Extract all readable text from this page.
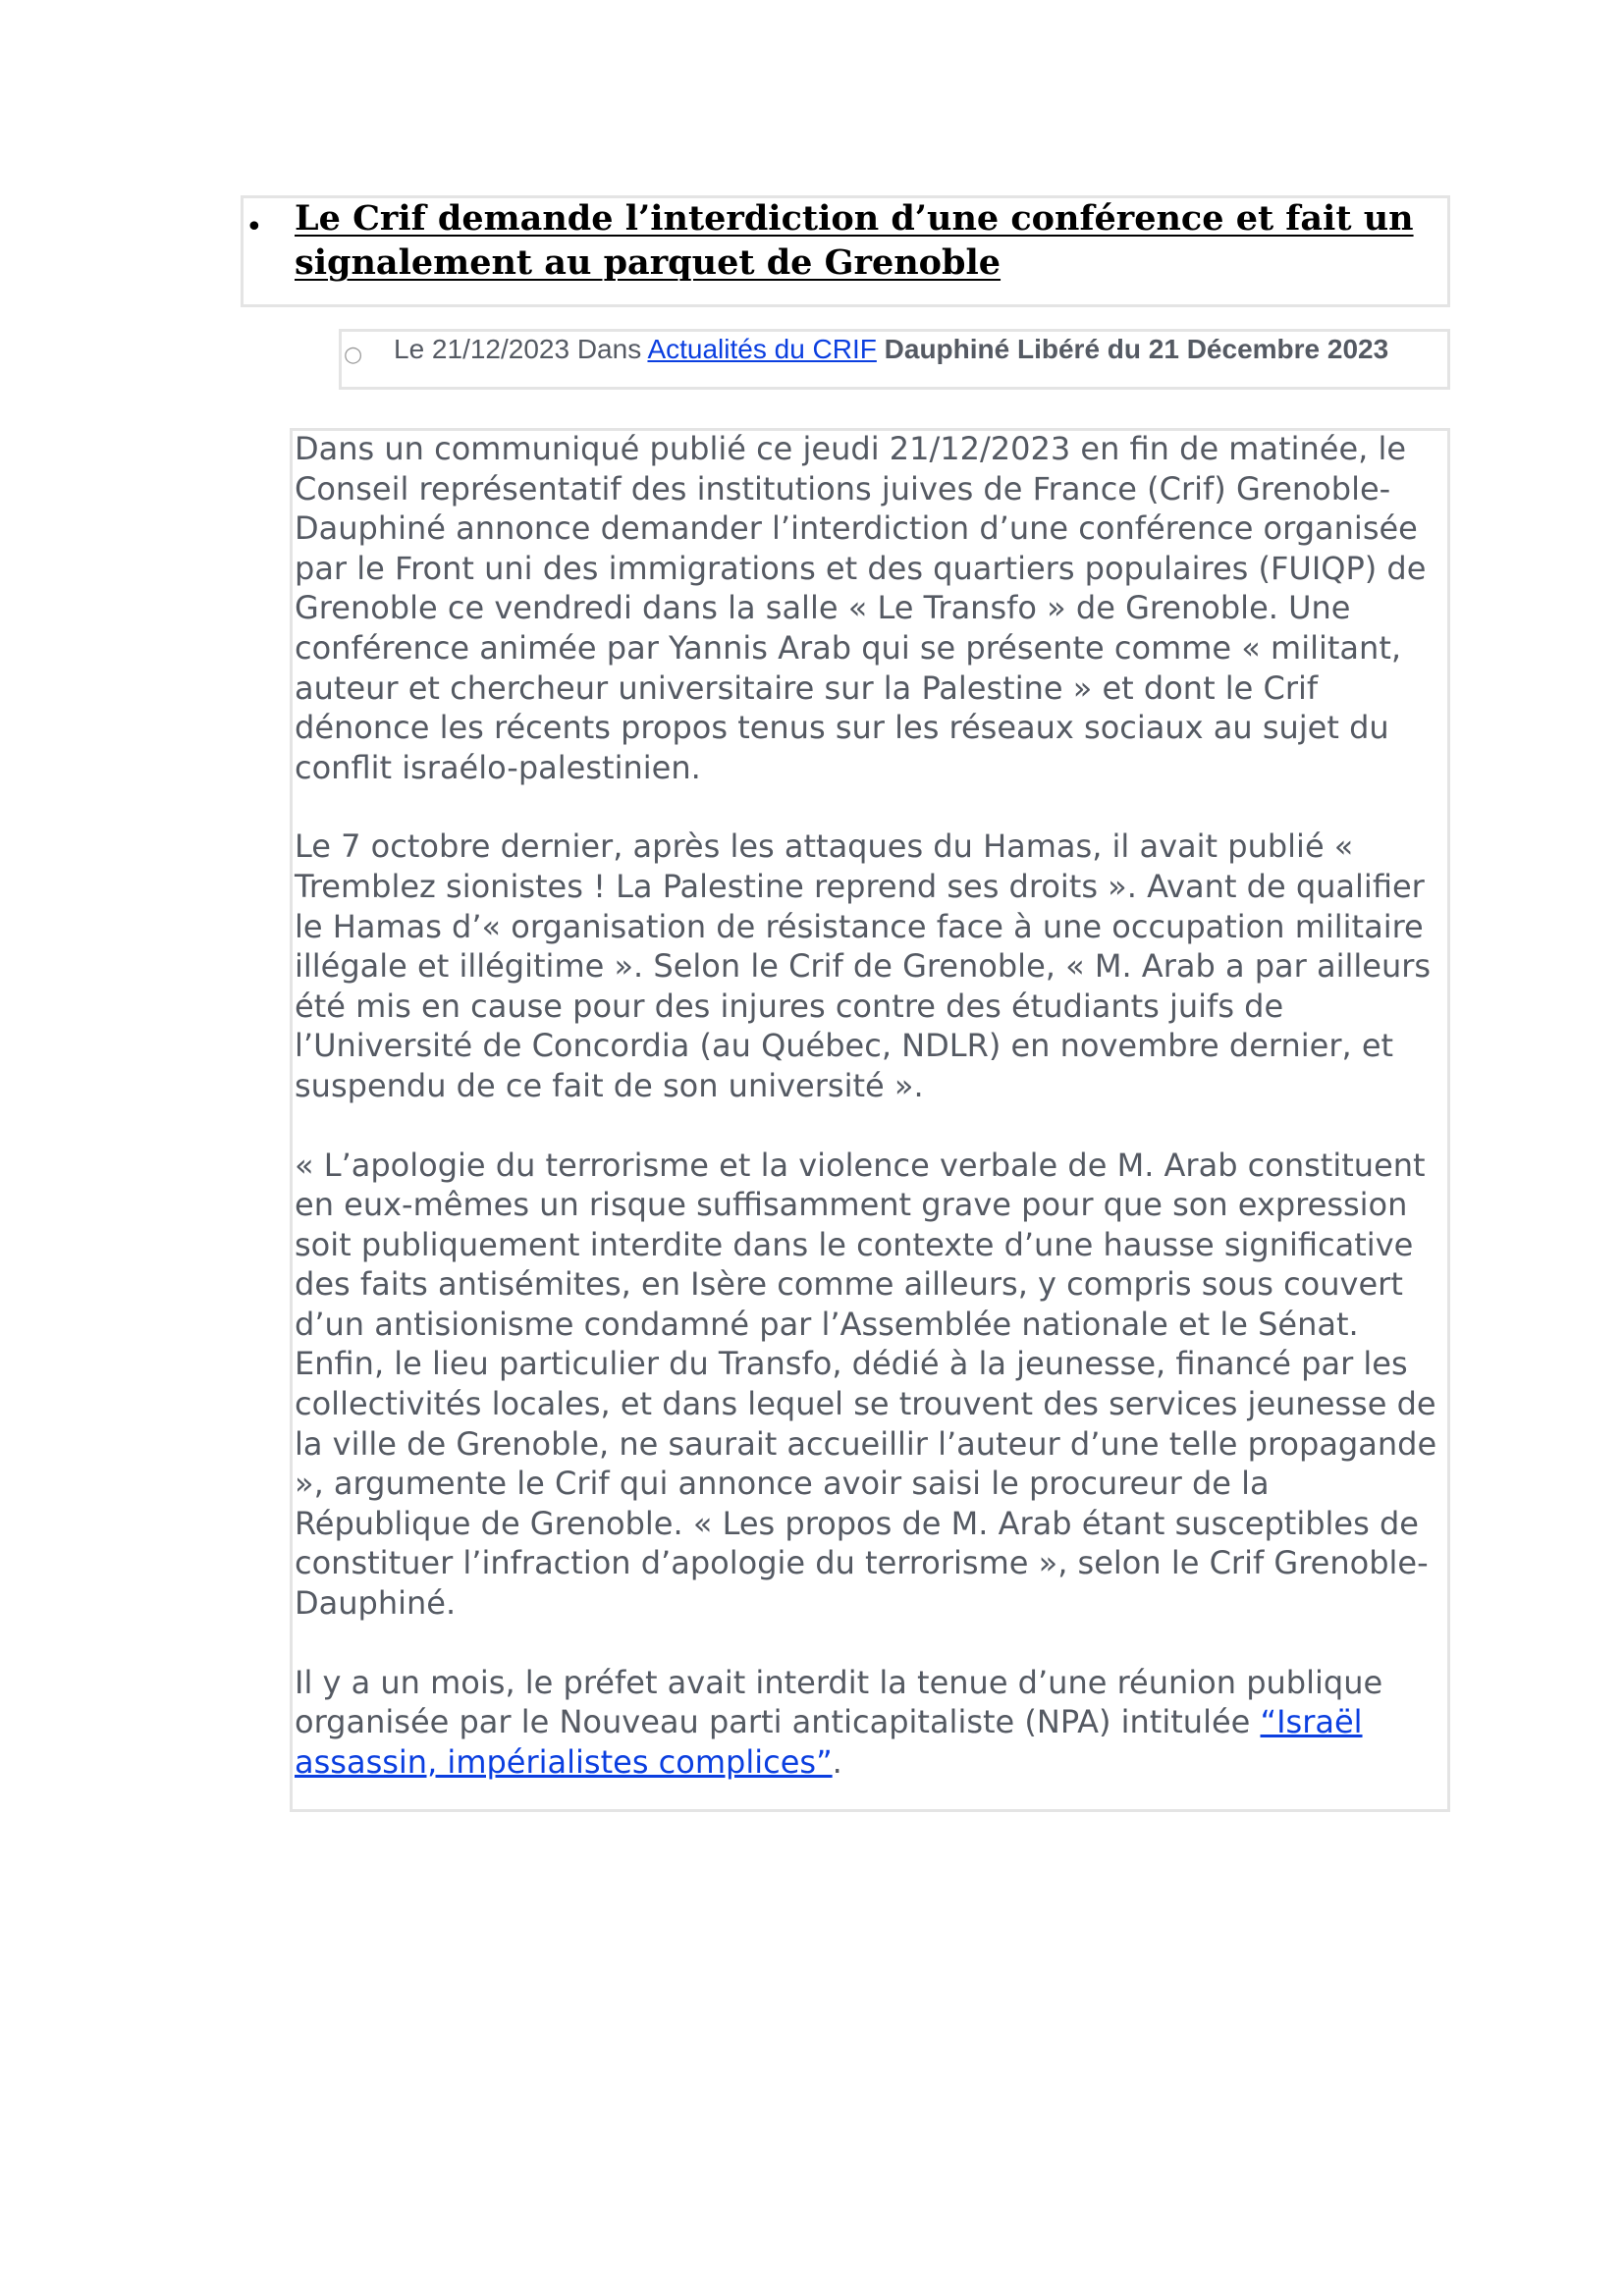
• Le Crif demande l’interdiction d’une conférence et fait un signalement au parquet de Grenoble
○ Le 21/12/2023 Dans Actualités du CRIF Dauphiné Libéré du 21 Décembre 2023

Dans un communiqué publié ce jeudi 21/12/2023 en fin de matinée, le Conseil représentatif des institutions juives de France (Crif) Grenoble-Dauphiné annonce demander l’interdiction d’une conférence organisée par le Front uni des immigrations et des quartiers populaires (FUIQP) de Grenoble ce vendredi dans la salle « Le Transfo » de Grenoble. Une conférence animée par Yannis Arab qui se présente comme « militant, auteur et chercheur universitaire sur la Palestine » et dont le Crif dénonce les récents propos tenus sur les réseaux sociaux au sujet du conflit israélo-palestinien.

Le 7 octobre dernier, après les attaques du Hamas, il avait publié « Tremblez sionistes ! La Palestine reprend ses droits ». Avant de qualifier le Hamas d’« organisation de résistance face à une occupation militaire illégale et illégitime ». Selon le Crif de Grenoble, « M. Arab a par ailleurs été mis en cause pour des injures contre des étudiants juifs de l’Université de Concordia (au Québec, NDLR) en novembre dernier, et suspendu de ce fait de son université ».

« L’apologie du terrorisme et la violence verbale de M. Arab constituent en eux-mêmes un risque suffisamment grave pour que son expression soit publiquement interdite dans le contexte d’une hausse significative des faits antisémites, en Isère comme ailleurs, y compris sous couvert d’un antisionisme condamné par l’Assemblée nationale et le Sénat. Enfin, le lieu particulier du Transfo, dédié à la jeunesse, financé par les collectivités locales, et dans lequel se trouvent des services jeunesse de la ville de Grenoble, ne saurait accueillir l’auteur d’une telle propagande », argumente le Crif qui annonce avoir saisi le procureur de la République de Grenoble. « Les propos de M. Arab étant susceptibles de constituer l’infraction d’apologie du terrorisme », selon le Crif Grenoble-Dauphiné.

Il y a un mois, le préfet avait interdit la tenue d’une réunion publique organisée par le Nouveau parti anticapitaliste (NPA) intitulée “Israël assassin, impérialistes complices”.
